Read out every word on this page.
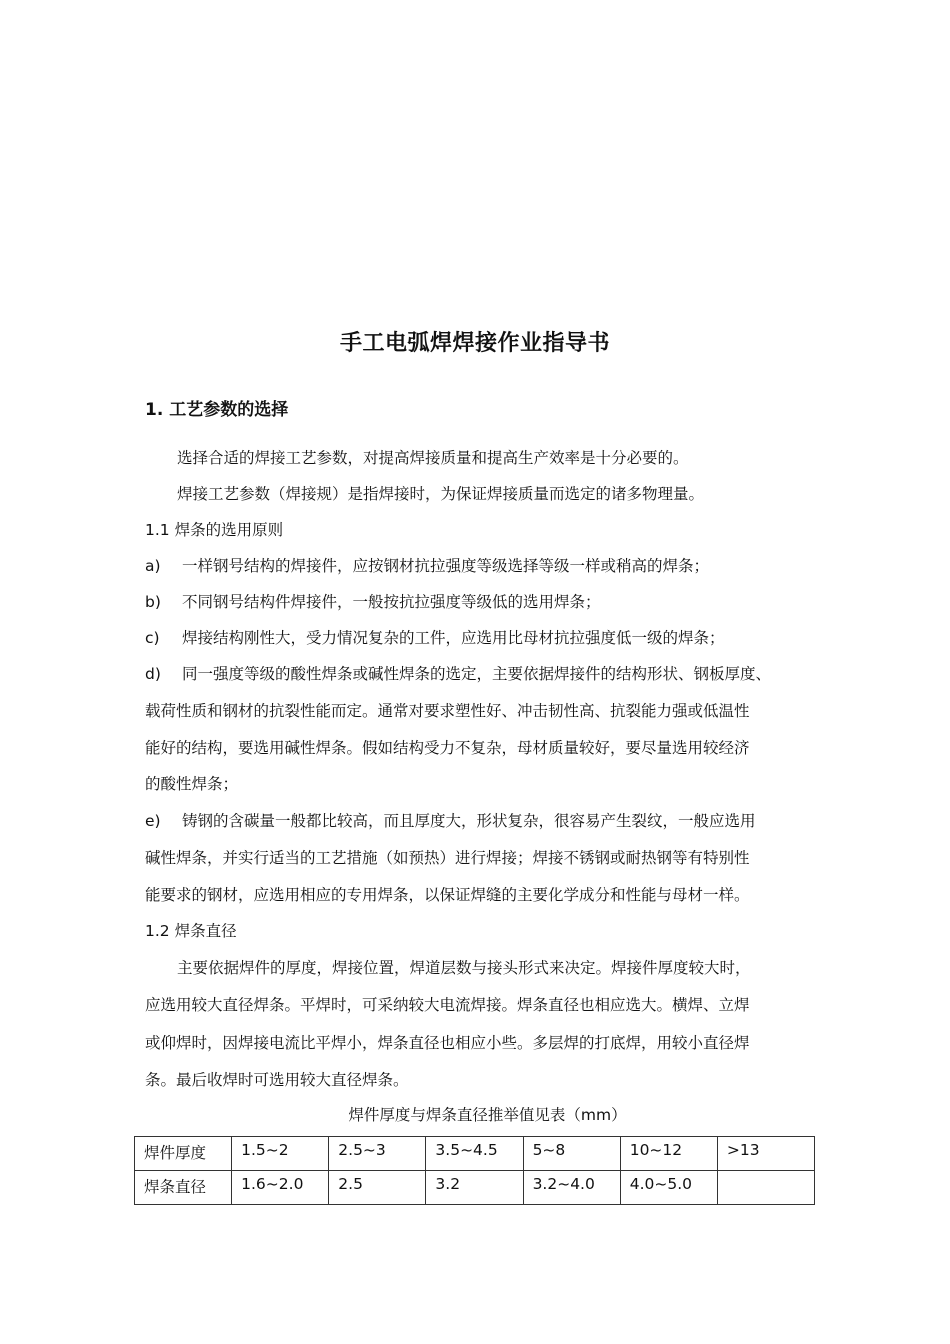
手工电弧焊焊接作业指导书
1. 工艺参数的选择
选择合适的焊接工艺参数，对提高焊接质量和提高生产效率是十分必要的。
焊接工艺参数（焊接规）是指焊接时，为保证焊接质量而选定的诸多物理量。
1.1 焊条的选用原则
a) 一样钢号结构的焊接件，应按钢材抗拉强度等级选择等级一样或稍高的焊条；
b) 不同钢号结构件焊接件，一般按抗拉强度等级低的选用焊条；
c) 焊接结构刚性大，受力情况复杂的工件，应选用比母材抗拉强度低一级的焊条；
d) 同一强度等级的酸性焊条或碱性焊条的选定，主要依据焊接件的结构形状、钢板厚度、
载荷性质和钢材的抗裂性能而定。通常对要求塑性好、冲击韧性高、抗裂能力强或低温性
能好的结构，要选用碱性焊条。假如结构受力不复杂，母材质量较好，要尽量选用较经济
的酸性焊条；
e) 铸钢的含碳量一般都比较高，而且厚度大，形状复杂，很容易产生裂纹，一般应选用
碱性焊条，并实行适当的工艺措施（如预热）进行焊接；焊接不锈钢或耐热钢等有特别性
能要求的钢材，应选用相应的专用焊条，以保证焊缝的主要化学成分和性能与母材一样。
1.2 焊条直径
主要依据焊件的厚度，焊接位置，焊道层数与接头形式来决定。焊接件厚度较大时，
应选用较大直径焊条。平焊时，可采纳较大电流焊接。焊条直径也相应选大。横焊、立焊
或仰焊时，因焊接电流比平焊小，焊条直径也相应小些。多层焊的打底焊，用较小直径焊
条。最后收焊时可选用较大直径焊条。
焊件厚度与焊条直径推举值见表（mm）
焊件厚度	1.5~2	2.5~3	3.5~4.5	5~8	10~12	>13
焊条直径	1.6~2.0	2.5	3.2	3.2~4.0	4.0~5.0	
